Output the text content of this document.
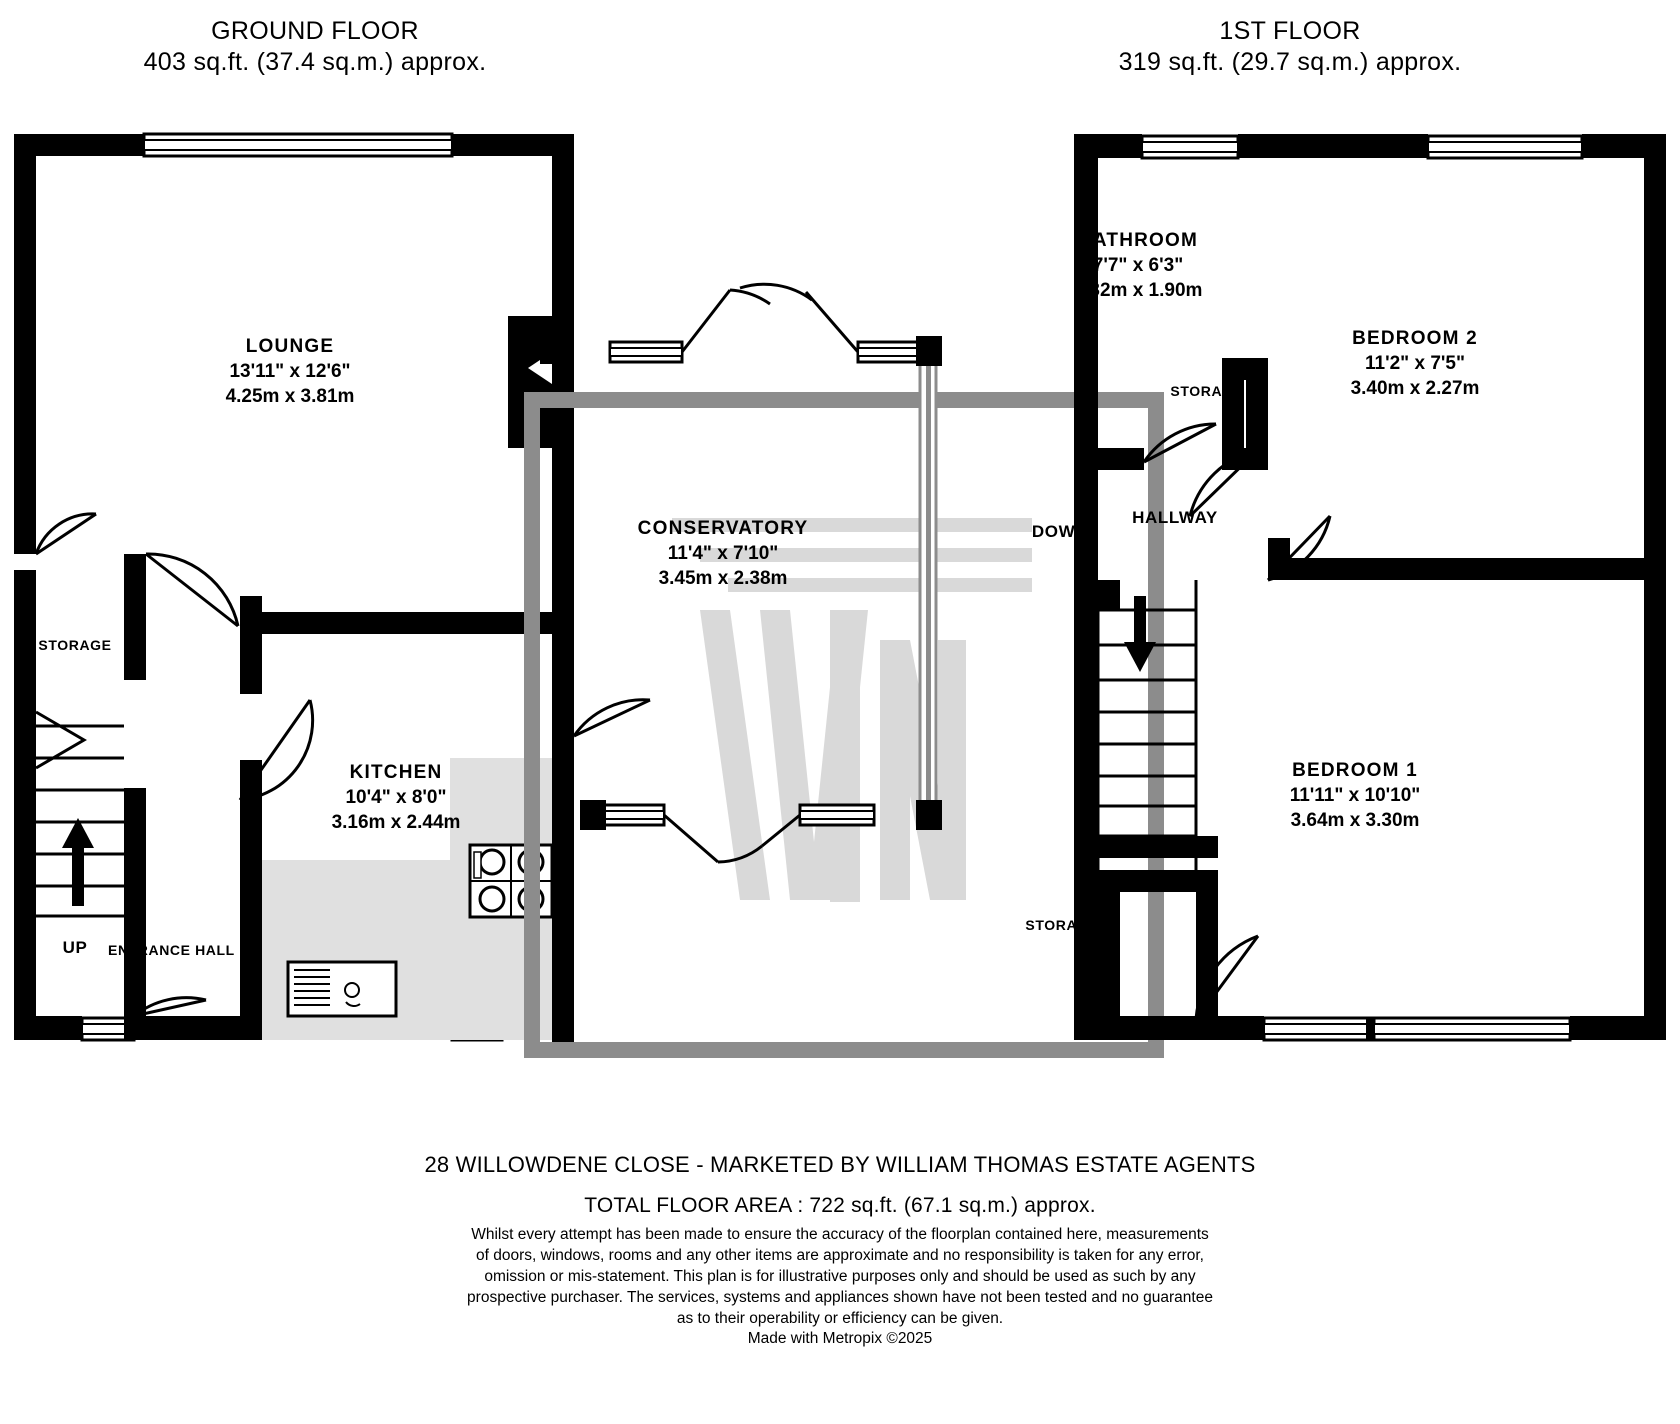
GROUND FLOOR
403 sq.ft. (37.4 sq.m.) approx.
1ST FLOOR
319 sq.ft. (29.7 sq.m.) approx.
LOUNGE
13'11" x 12'6"
4.25m x 3.81m
CONSERVATORY
11'4" x 7'10"
3.45m x 2.38m
KITCHEN
10'4" x 8'0"
3.16m x 2.44m
STORAGE
ENTRANCE HALL
UP
BATHROOM
7'7" x 6'3"
2.32m x 1.90m
BEDROOM 2
11'2" x 7'5"
3.40m x 2.27m
BEDROOM 1
11'11" x 10'10"
3.64m x 3.30m
STORAGE
STORAGE
HALLWAY
DOWN
28 WILLOWDENE CLOSE - MARKETED BY WILLIAM THOMAS ESTATE AGENTS
TOTAL FLOOR AREA : 722 sq.ft. (67.1 sq.m.) approx.
Whilst every attempt has been made to ensure the accuracy of the floorplan contained here, measurements
of doors, windows, rooms and any other items are approximate and no responsibility is taken for any error,
omission or mis-statement. This plan is for illustrative purposes only and should be used as such by any
prospective purchaser. The services, systems and appliances shown have not been tested and no guarantee
as to their operability or efficiency can be given.
Made with Metropix ©2025
